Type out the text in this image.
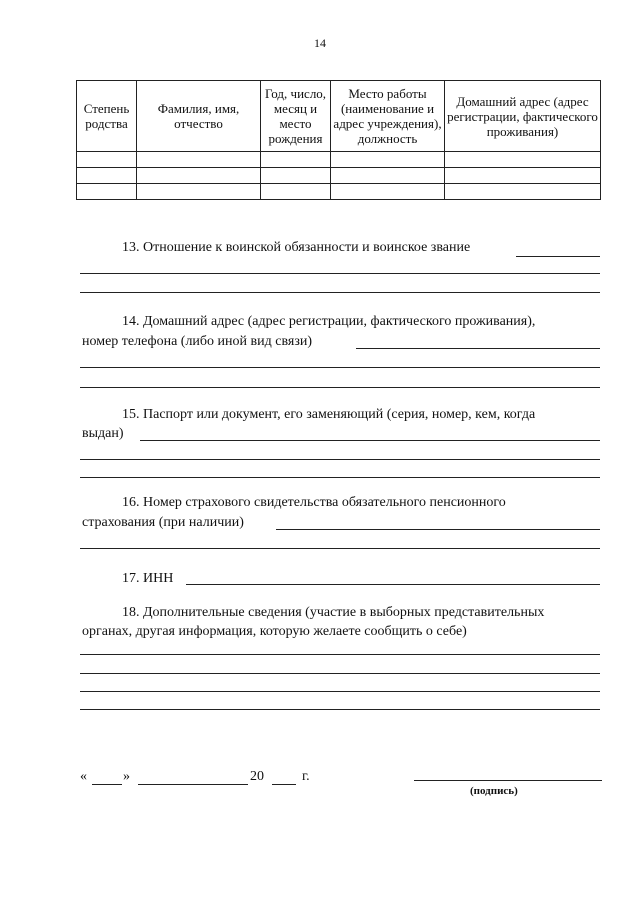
14
Степень родства	Фамилия, имя, отчество	Год, число, месяц и место рождения	Место работы (наименование и адрес учреждения), должность	Домашний адрес (адрес регистрации, фактического проживания)

13. Отношение к воинской обязанности и воинское звание
14. Домашний адрес (адрес регистрации, фактического проживания),
номер телефона (либо иной вид связи)
15. Паспорт или документ, его заменяющий (серия, номер, кем, когда
выдан)
16. Номер страхового свидетельства обязательного пенсионного
страхования (при наличии)
17. ИНН
18. Дополнительные сведения (участие в выборных представительных
органах, другая информация, которую желаете сообщить о себе)
«	»	20	г.
(подпись)
